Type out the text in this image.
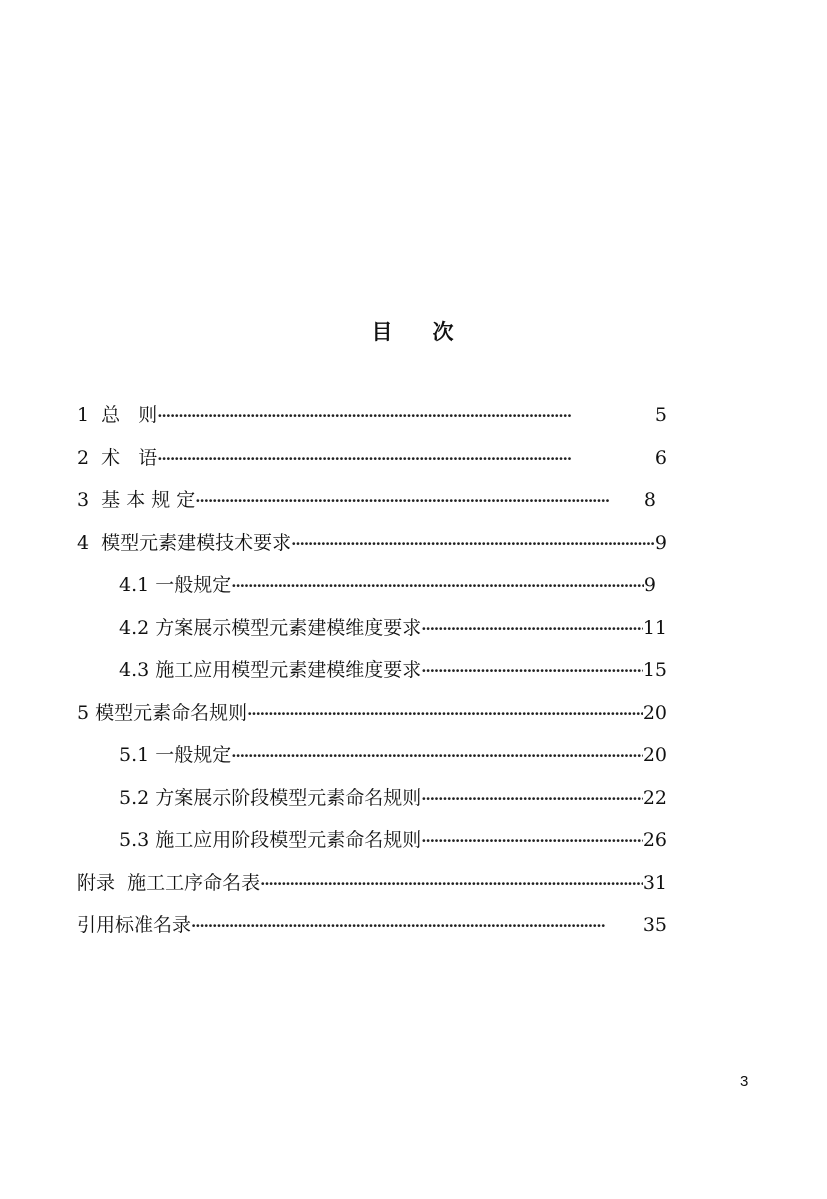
目 次
3
1  总   则 ·····	5
2  术   语 ·····	6
3  基 本 规 定 ·····	8
4  模型元素建模技术要求 ·····	9
4.1 一般规定 ·····	9
4.2 方案展示模型元素建模维度要求 ·····	11
4.3 施工应用模型元素建模维度要求 ·····	15
5 模型元素命名规则 ·····	20
5.1 一般规定 ·····	20
5.2 方案展示阶段模型元素命名规则 ·····	22
5.3 施工应用阶段模型元素命名规则 ·····	26
附录  施工工序命名表 ·····	31
引用标准名录 ·····	35
